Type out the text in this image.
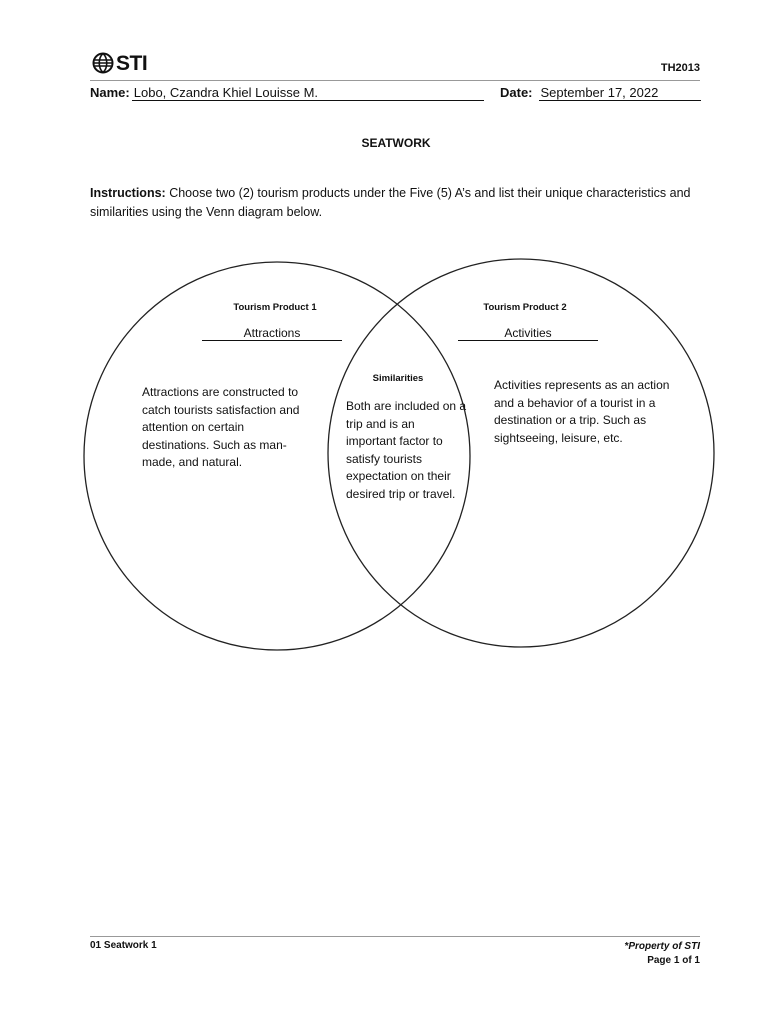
STI	TH2013
Name: Lobo, Czandra Khiel Louisse M.	Date: September 17, 2022
SEATWORK
Instructions: Choose two (2) tourism products under the Five (5) A’s and list their unique characteristics and similarities using the Venn diagram below.
Tourism Product 1
Attractions
Attractions are constructed to catch tourists satisfaction and attention on certain destinations. Such as man-made, and natural.
Tourism Product 2
Activities
Activities represents as an action and a behavior of a tourist in a destination or a trip. Such as sightseeing, leisure, etc.
Similarities
Both are included on a trip and is an important factor to satisfy tourists expectation on their desired trip or travel.
01 Seatwork 1	*Property of STI
Page 1 of 1
